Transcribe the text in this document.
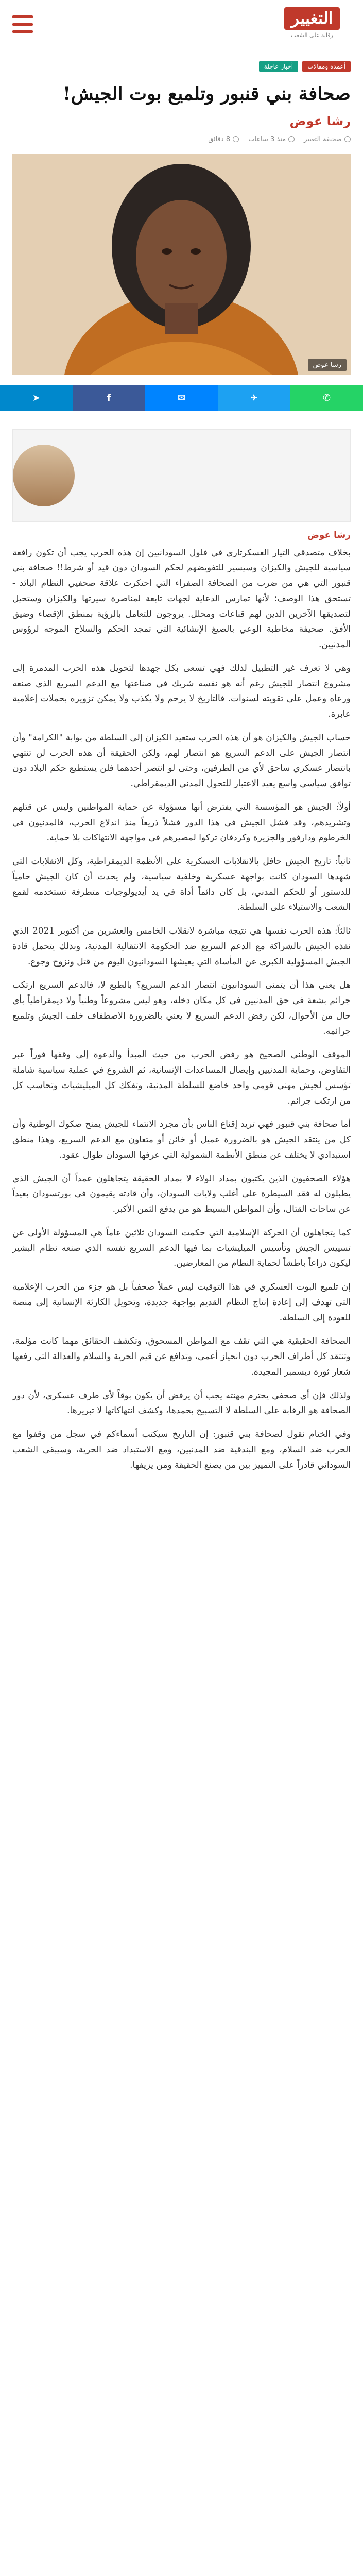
التغيير
رقابة على الشعب
أعمدة ومقالات
آخبار عاجلة
صحافة بني قنبور وتلميع بوت الجيش!
رشا عوض
صحيفة التغيير
منذ 3 ساعات
8 دقائق
رشا عوض
✆
✈
✉
f
➤
رشا عوض

بخلاف متصدقي التيار العسكرتاري في فلول السودانيين إن هذه الحرب يجب أن تكون رافعة سياسية للجيش والكيزان وسيسير للتفويضهم لحكم السودان دون قيد أو شرط!! صحافة بني قنبور التي هي من ضرب من الصحافة الصفراء التي احتكرت علاقة صحفيي النظام البائد - تستحق هذا الوصف؛ لأنها تمارس الدعاية لجهات تابعة لمناصرة سيرتها والكيزان وستحيل لتصديقها الآخرين الذين لهم قناعات ومحلل. يروجون للتعامل بالرؤية بمنطق الإقصاء وضيق الأفق. صحيفة مخاطبة الوعي بالصيغ الإنشائية التي تمجد الحكم والسلاح الموجه لرؤوس المدنيين.

وهي لا تعرف غير التطبيل لذلك فهي تسعى بكل جهدها لتحويل هذه الحرب المدمرة إلى مشروع انتصار للجيش رغم أنه هو نفسه شريك في صناعتها مع الدعم السريع الذي صنعه ورعاه وعمل على تقويته لسنوات. فالتاريخ لا يرحم ولا يكذب ولا يمكن تزويره بحملات إعلامية عابرة.

حساب الجيش والكيزان هو أن هذه الحرب ستعيد الكيزان إلى السلطة من بوابة "الكرامة" وأن انتصار الجيش على الدعم السريع هو انتصار لهم، ولكن الحقيقة أن هذه الحرب لن تنتهي بانتصار عسكري ساحق لأي من الطرفين، وحتى لو انتصر أحدهما فلن يستطيع حكم البلاد دون توافق سياسي واسع يعيد الاعتبار للتحول المدني الديمقراطي.

أولاً: الجيش هو المؤسسة التي يفترض أنها مسؤولة عن حماية المواطنين وليس عن قتلهم وتشريدهم، وقد فشل الجيش في هذا الدور فشلاً ذريعاً منذ اندلاع الحرب، فالمدنيون في الخرطوم ودارفور والجزيرة وكردفان تركوا لمصيرهم في مواجهة الانتهاكات بلا حماية.

ثانياً: تاريخ الجيش حافل بالانقلابات العسكرية على الأنظمة الديمقراطية، وكل الانقلابات التي شهدها السودان كانت بواجهة عسكرية وخلفية سياسية، ولم يحدث أن كان الجيش حامياً للدستور أو للحكم المدني، بل كان دائماً أداة في يد أيديولوجيات متطرفة تستخدمه لقمع الشعب والاستيلاء على السلطة.

ثالثاً: هذه الحرب نفسها هي نتيجة مباشرة لانقلاب الخامس والعشرين من أكتوبر 2021 الذي نفذه الجيش بالشراكة مع الدعم السريع ضد الحكومة الانتقالية المدنية، وبذلك يتحمل قادة الجيش المسؤولية الكبرى عن المأساة التي يعيشها السودانيون اليوم من قتل ونزوح وجوع.

هل يعني هذا أن يتمنى السودانيون انتصار الدعم السريع؟ بالطبع لا، فالدعم السريع ارتكب جرائم بشعة في حق المدنيين في كل مكان دخله، وهو ليس مشروعاً وطنياً ولا ديمقراطياً بأي حال من الأحوال، لكن رفض الدعم السريع لا يعني بالضرورة الاصطفاف خلف الجيش وتلميع جرائمه.

الموقف الوطني الصحيح هو رفض الحرب من حيث المبدأ والدعوة إلى وقفها فوراً عبر التفاوض، وحماية المدنيين وإيصال المساعدات الإنسانية، ثم الشروع في عملية سياسية شاملة تؤسس لجيش مهني قومي واحد خاضع للسلطة المدنية، وتفكك كل الميليشيات وتحاسب كل من ارتكب جرائم.

أما صحافة بني قنبور فهي تريد إقناع الناس بأن مجرد الانتماء للجيش يمنح صكوك الوطنية وأن كل من ينتقد الجيش هو بالضرورة عميل أو خائن أو متعاون مع الدعم السريع، وهذا منطق استبدادي لا يختلف عن منطق الأنظمة الشمولية التي عرفها السودان طوال عقود.

هؤلاء الصحفيون الذين يكتبون بمداد الولاء لا بمداد الحقيقة يتجاهلون عمداً أن الجيش الذي يطبلون له فقد السيطرة على أغلب ولايات السودان، وأن قادته يقيمون في بورتسودان بعيداً عن ساحات القتال، وأن المواطن البسيط هو من يدفع الثمن الأكبر.

كما يتجاهلون أن الحركة الإسلامية التي حكمت السودان ثلاثين عاماً هي المسؤولة الأولى عن تسييس الجيش وتأسيس الميليشيات بما فيها الدعم السريع نفسه الذي صنعه نظام البشير ليكون ذراعاً باطشاً لحماية النظام من المعارضين.

إن تلميع البوت العسكري في هذا التوقيت ليس عملاً صحفياً بل هو جزء من الحرب الإعلامية التي تهدف إلى إعادة إنتاج النظام القديم بواجهة جديدة، وتحويل الكارثة الإنسانية إلى منصة للعودة إلى السلطة.

الصحافة الحقيقية هي التي تقف مع المواطن المسحوق، وتكشف الحقائق مهما كانت مؤلمة، وتنتقد كل أطراف الحرب دون انحياز أعمى، وتدافع عن قيم الحرية والسلام والعدالة التي رفعها شعار ثورة ديسمبر المجيدة.

ولذلك فإن أي صحفي يحترم مهنته يجب أن يرفض أن يكون بوقاً لأي طرف عسكري، لأن دور الصحافة هو الرقابة على السلطة لا التسبيح بحمدها، وكشف انتهاكاتها لا تبريرها.

وفي الختام نقول لصحافة بني قنبور: إن التاريخ سيكتب أسماءكم في سجل من وقفوا مع الحرب ضد السلام، ومع البندقية ضد المدنيين، ومع الاستبداد ضد الحرية، وسيبقى الشعب السوداني قادراً على التمييز بين من يصنع الحقيقة ومن يزيفها.
